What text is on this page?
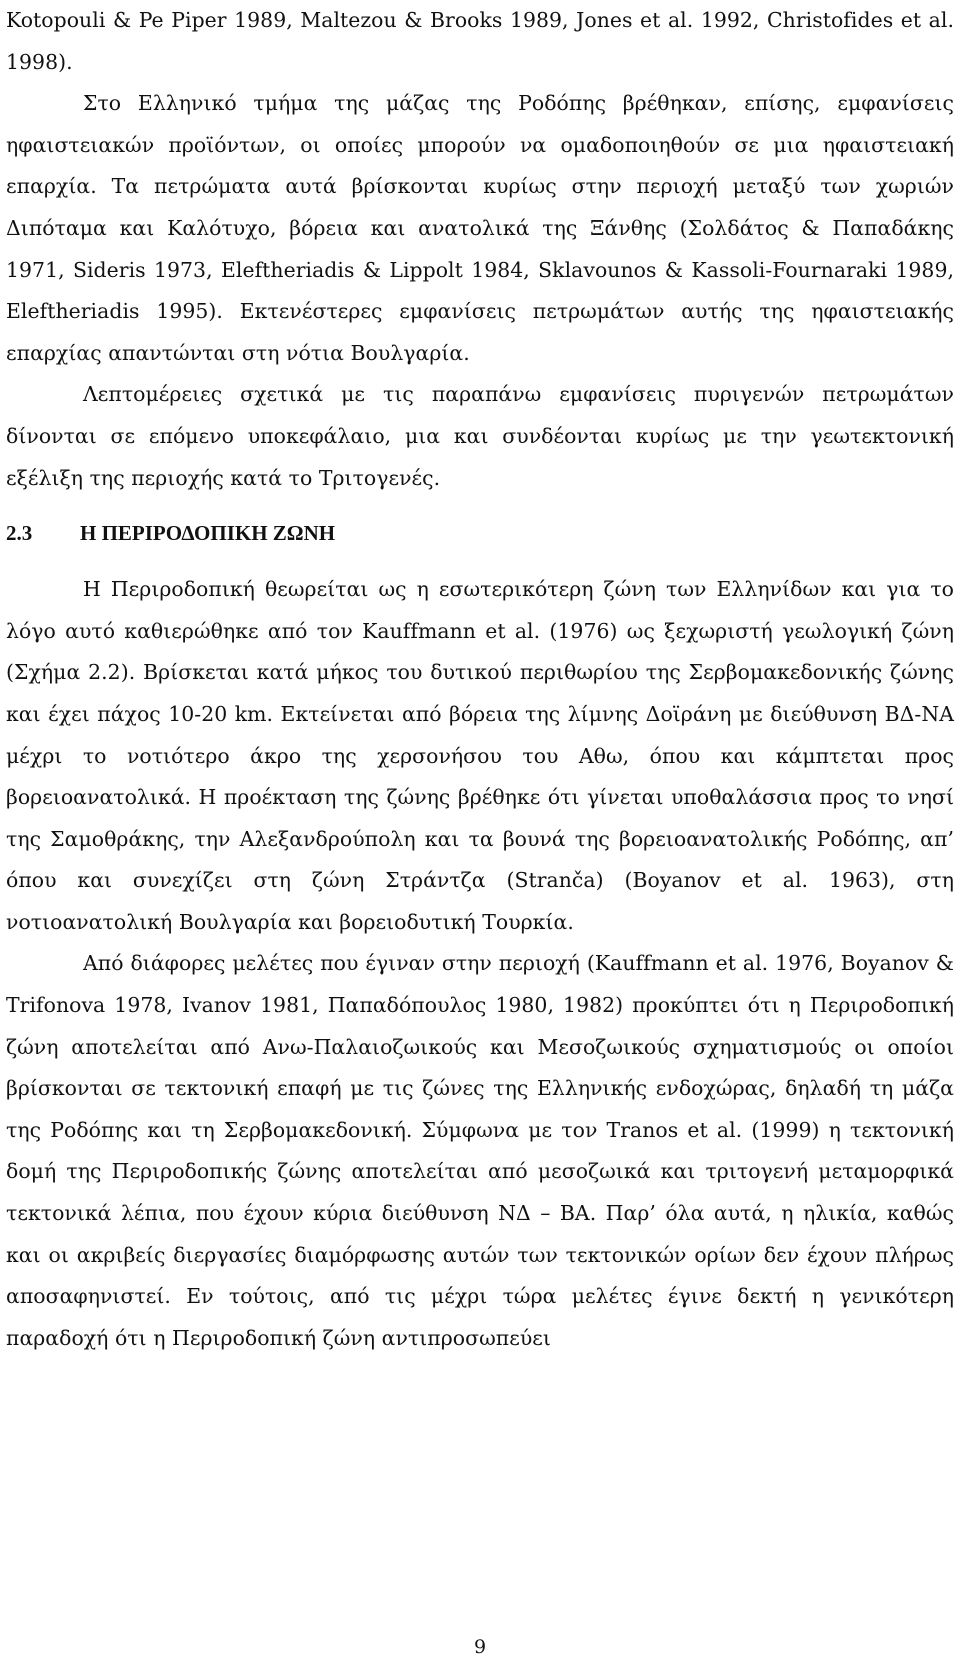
Kotopouli & Pe Piper 1989, Maltezou & Brooks 1989, Jones et al. 1992, Christofides et al. 1998).

Στο Ελληνικό τμήμα της μάζας της Ροδόπης βρέθηκαν, επίσης, εμφανίσεις ηφαιστειακών προϊόντων, οι οποίες μπορούν να ομαδοποιηθούν σε μια ηφαιστειακή επαρχία. Τα πετρώματα αυτά βρίσκονται κυρίως στην περιοχή μεταξύ των χωριών Διπόταμα και Καλότυχο, βόρεια και ανατολικά της Ξάνθης (Σολδάτος & Παπαδάκης 1971, Sideris 1973, Eleftheriadis & Lippolt 1984, Sklavounos & Kassoli-Fournaraki 1989, Eleftheriadis 1995). Εκτενέστερες εμφανίσεις πετρωμάτων αυτής της ηφαιστειακής επαρχίας απαντώνται στη νότια Βουλγαρία.

Λεπτομέρειες σχετικά με τις παραπάνω εμφανίσεις πυριγενών πετρωμάτων δίνονται σε επόμενο υποκεφάλαιο, μια και συνδέονται κυρίως με την γεωτεκτονική εξέλιξη της περιοχής κατά το Τριτογενές.

2.3 Η ΠΕΡΙΡΟΔΟΠΙΚΗ ΖΩΝΗ

Η Περιροδοπική θεωρείται ως η εσωτερικότερη ζώνη των Ελληνίδων και για το λόγο αυτό καθιερώθηκε από τον Kauffmann et al. (1976) ως ξεχωριστή γεωλογική ζώνη (Σχήμα 2.2). Βρίσκεται κατά μήκος του δυτικού περιθωρίου της Σερβομακεδονικής ζώνης και έχει πάχος 10-20 km. Εκτείνεται από βόρεια της λίμνης Δοϊράνη με διεύθυνση ΒΔ-ΝΑ μέχρι το νοτιότερο άκρο της χερσονήσου του Αθω, όπου και κάμπτεται προς βορειοανατολικά. Η προέκταση της ζώνης βρέθηκε ότι γίνεται υποθαλάσσια προς το νησί της Σαμοθράκης, την Αλεξανδρούπολη και τα βουνά της βορειοανατολικής Ροδόπης, απ’ όπου και συνεχίζει στη ζώνη Στράντζα (Stranča) (Boyanov et al. 1963), στη νοτιοανατολική Βουλγαρία και βορειοδυτική Τουρκία.

Από διάφορες μελέτες που έγιναν στην περιοχή (Kauffmann et al. 1976, Boyanov & Trifonova 1978, Ivanov 1981, Παπαδόπουλος 1980, 1982) προκύπτει ότι η Περιροδοπική ζώνη αποτελείται από Ανω-Παλαιοζωικούς και Μεσοζωικούς σχηματισμούς οι οποίοι βρίσκονται σε τεκτονική επαφή με τις ζώνες της Ελληνικής ενδοχώρας, δηλαδή τη μάζα της Ροδόπης και τη Σερβομακεδονική. Σύμφωνα με τον Tranos et al. (1999) η τεκτονική δομή της Περιροδοπικής ζώνης αποτελείται από μεσοζωικά και τριτογενή μεταμορφικά τεκτονικά λέπια, που έχουν κύρια διεύθυνση ΝΔ – ΒΑ. Παρ’ όλα αυτά, η ηλικία, καθώς και οι ακριβείς διεργασίες διαμόρφωσης αυτών των τεκτονικών ορίων δεν έχουν πλήρως αποσαφηνιστεί. Εν τούτοις, από τις μέχρι τώρα μελέτες έγινε δεκτή η γενικότερη παραδοχή ότι η Περιροδοπική ζώνη αντιπροσωπεύει

9
